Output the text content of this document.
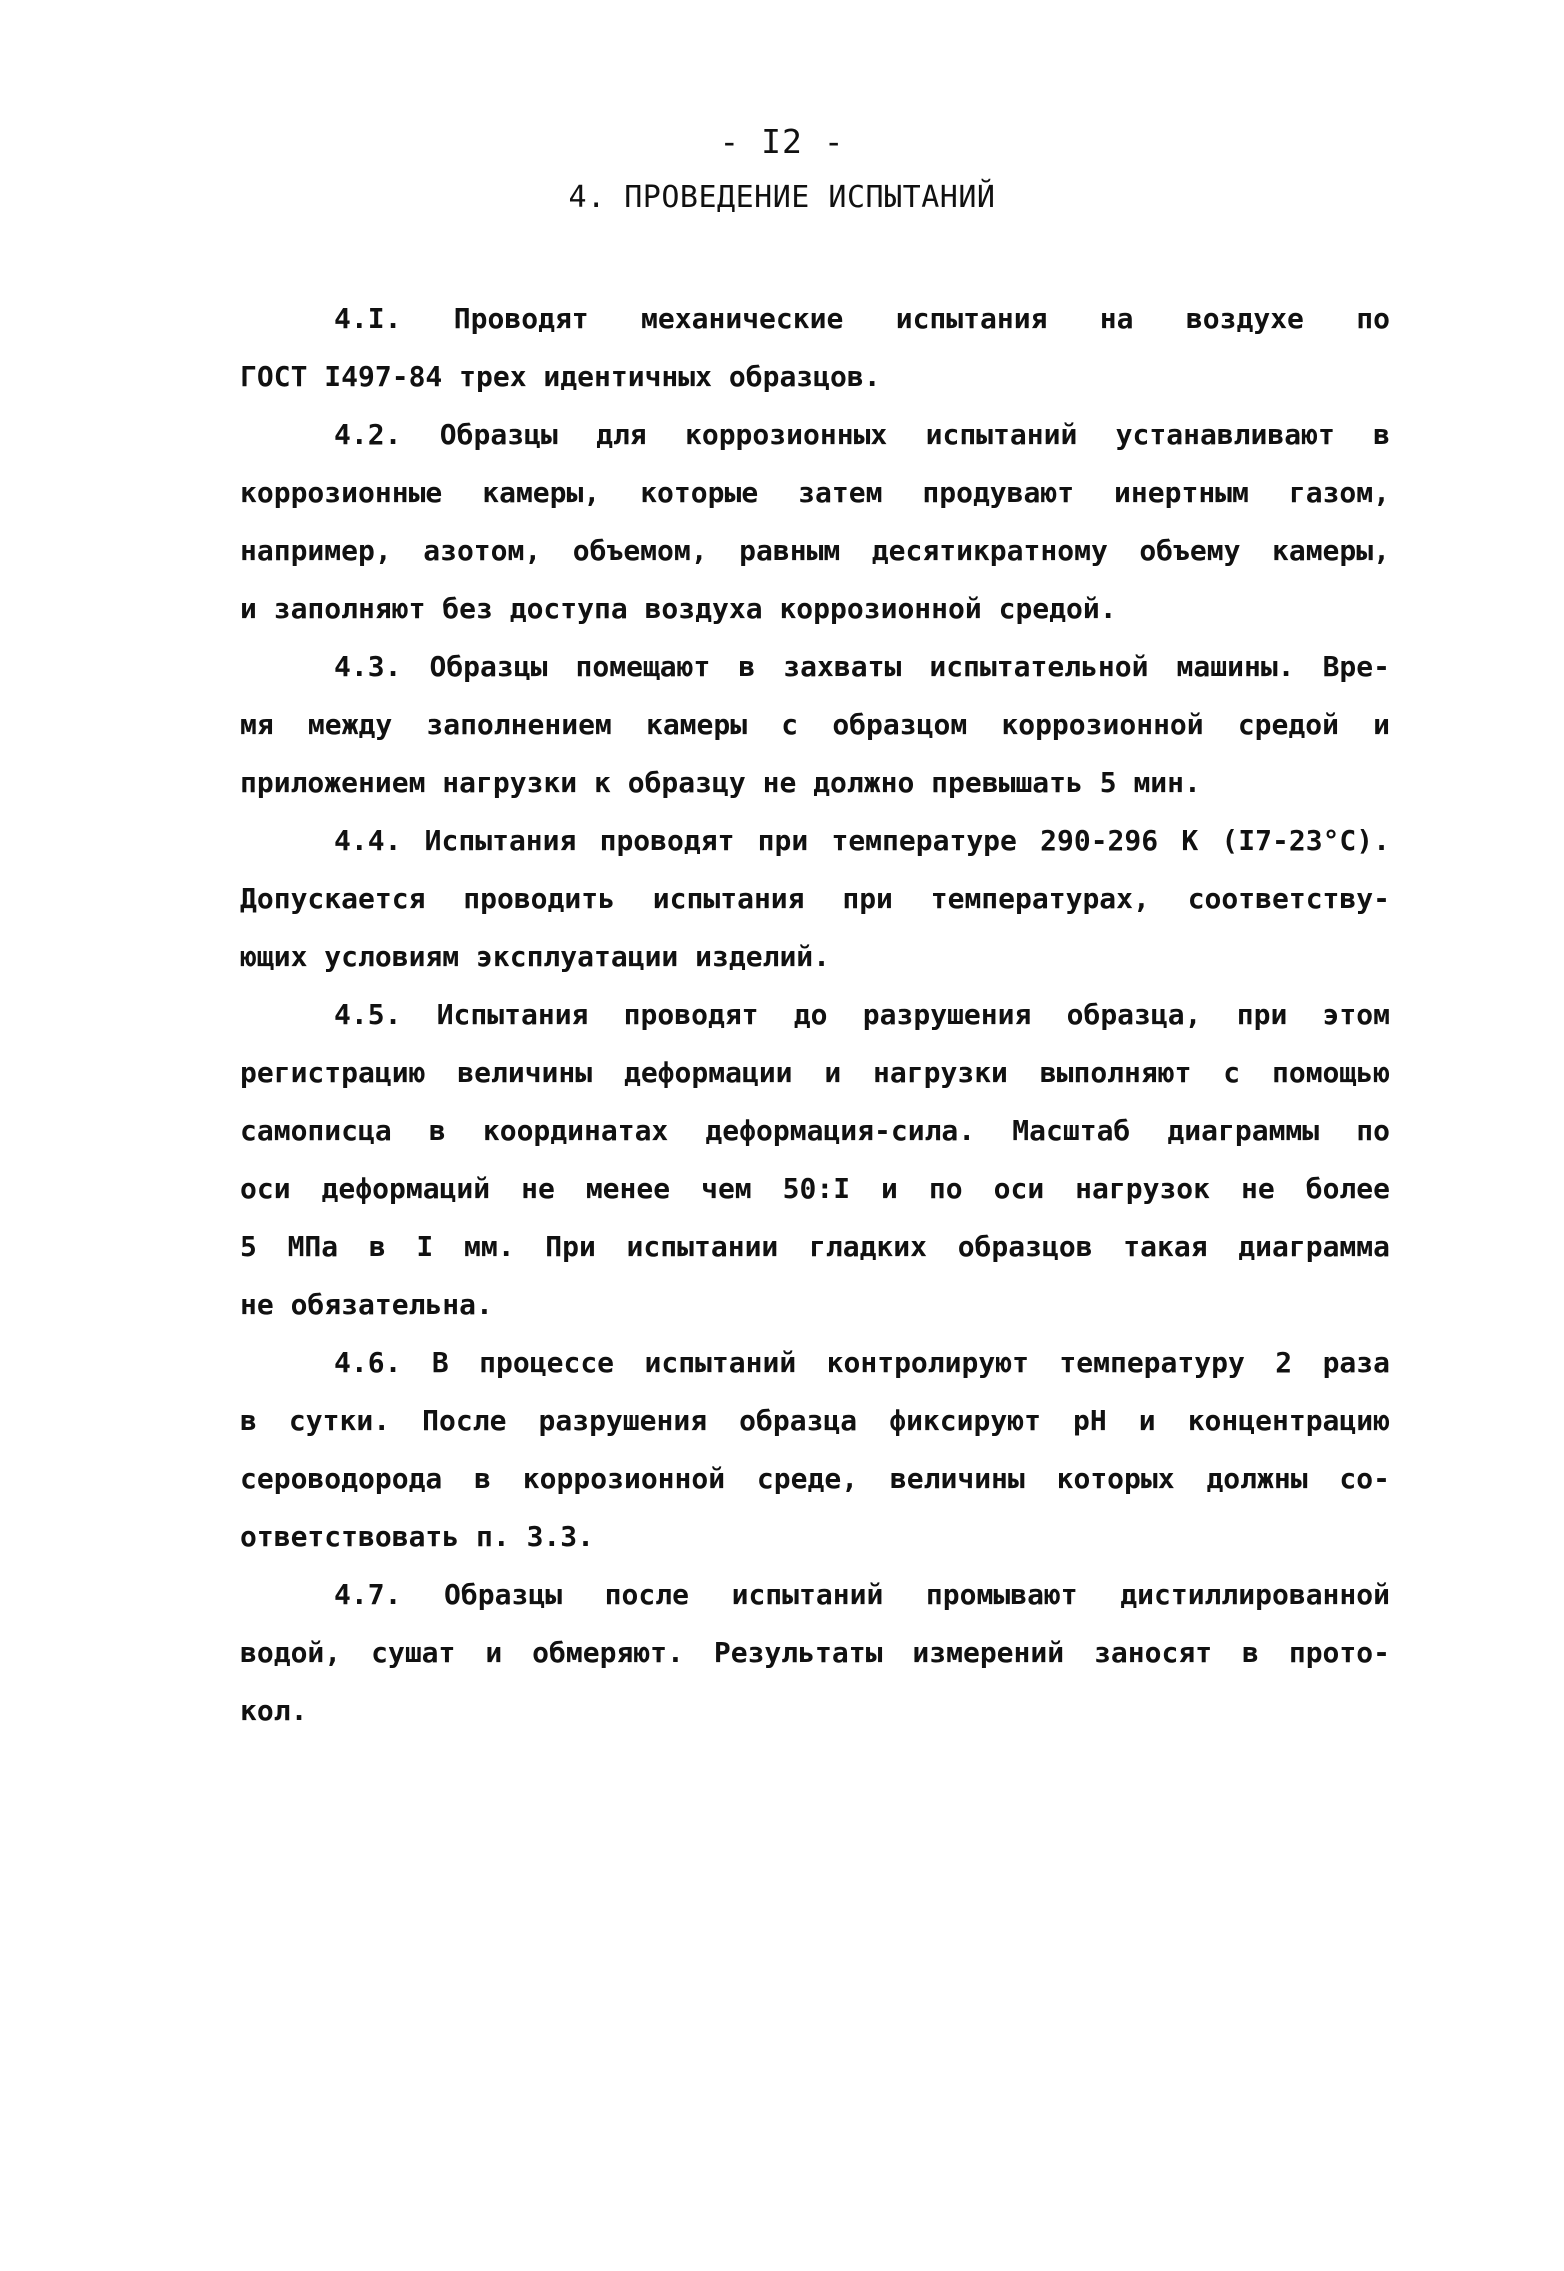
- I2 -
4. ПРОВЕДЕНИЕ ИСПЫТАНИЙ
4.I. Проводят механические испытания на воздухе по
ГОСТ I497-84 трех идентичных образцов.
4.2. Образцы для коррозионных испытаний устанавливают в
коррозионные камеры, которые затем продувают инертным газом,
например, азотом, объемом, равным десятикратному объему камеры,
и заполняют без доступа воздуха коррозионной средой.
4.3. Образцы помещают в захваты испытательной машины. Вре-
мя между заполнением камеры с образцом коррозионной средой и
приложением нагрузки к образцу не должно превышать 5 мин.
4.4. Испытания проводят при температуре 290-296 К (I7-23°С).
Допускается проводить испытания при температурах, соответству-
ющих условиям эксплуатации изделий.
4.5. Испытания проводят до разрушения образца, при этом
регистрацию величины деформации и нагрузки выполняют с помощью
самописца в координатах деформация-сила. Масштаб диаграммы по
оси деформаций не менее чем 50:I и по оси нагрузок не более
5 МПа в I мм. При испытании гладких образцов такая диаграмма
не обязательна.
4.6. В процессе испытаний контролируют температуру 2 раза
в сутки. После разрушения образца фиксируют pH и концентрацию
сероводорода в коррозионной среде, величины которых должны со-
ответствовать п. 3.3.
4.7. Образцы после испытаний промывают дистиллированной
водой, сушат и обмеряют. Результаты измерений заносят в прото-
кол.
